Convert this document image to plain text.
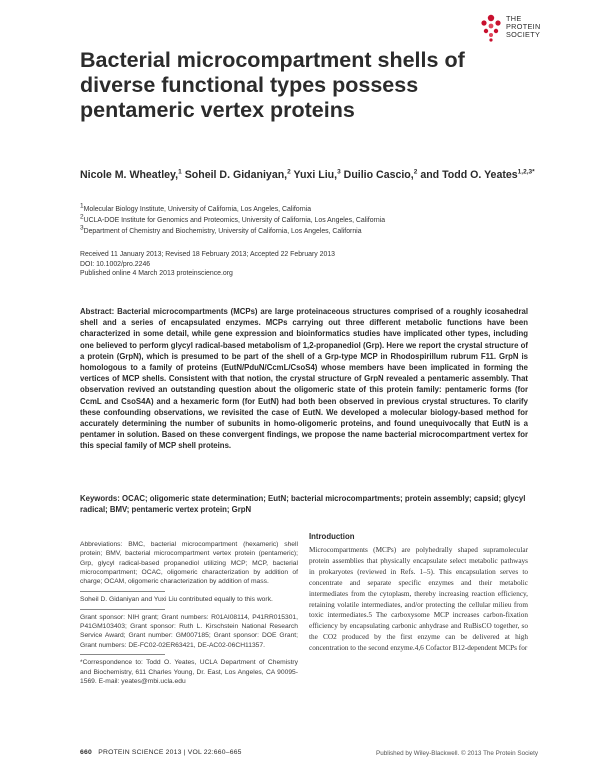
THE
PROTEIN
SOCIETY
Bacterial microcompartment shells of diverse functional types possess pentameric vertex proteins
Nicole M. Wheatley,$^1$ Soheil D. Gidaniyan,$^2$ Yuxi Liu,$^3$ Duilio Cascio,$^2$ and Todd O. Yeates$^{1,2,3*}$
$^1$Molecular Biology Institute, University of California, Los Angeles, California
$^2$UCLA-DOE Institute for Genomics and Proteomics, University of California, Los Angeles, California
$^3$Department of Chemistry and Biochemistry, University of California, Los Angeles, California
Received 11 January 2013; Revised 18 February 2013; Accepted 22 February 2013
DOI: 10.1002/pro.2246
Published online 4 March 2013 proteinscience.org
Abstract: Bacterial microcompartments (MCPs) are large proteinaceous structures comprised of a roughly icosahedral shell and a series of encapsulated enzymes. MCPs carrying out three different metabolic functions have been characterized in some detail, while gene expression and bioinformatics studies have implicated other types, including one believed to perform glycyl radical-based metabolism of 1,2-propanediol (Grp). Here we report the crystal structure of a protein (GrpN), which is presumed to be part of the shell of a Grp-type MCP in Rhodospirillum rubrum F11. GrpN is homologous to a family of proteins (EutN/PduN/CcmL/CsoS4) whose members have been implicated in forming the vertices of MCP shells. Consistent with that notion, the crystal structure of GrpN revealed a pentameric assembly. That observation revived an outstanding question about the oligomeric state of this protein family: pentameric forms (for CcmL and CsoS4A) and a hexameric form (for EutN) had both been observed in previous crystal structures. To clarify these confounding observations, we revisited the case of EutN. We developed a molecular biology-based method for accurately determining the number of subunits in homo-oligomeric proteins, and found unequivocally that EutN is a pentamer in solution. Based on these convergent findings, we propose the name bacterial microcompartment vertex for this special family of MCP shell proteins.
Keywords: OCAC; oligomeric state determination; EutN; bacterial microcompartments; protein assembly; capsid; glycyl radical; BMV; pentameric vertex protein; GrpN

Abbreviations: BMC, bacterial microcompartment (hexameric) shell protein; BMV, bacterial microcompartment vertex protein (pentameric); Grp, glycyl radical-based propanediol utilizing MCP; MCP, bacterial microcompartment; OCAC, oligomeric characterization by addition of charge; OCAM, oligomeric characterization by addition of mass.

Soheil D. Gidaniyan and Yuxi Liu contributed equally to this work.

Grant sponsor: NIH grant; Grant numbers: R01AI08114, P41RR015301, P41GM103403; Grant sponsor: Ruth L. Kirschstein National Research Service Award; Grant number: GM007185; Grant sponsor: DOE Grant; Grant numbers: DE-FC02-02ER63421, DE-AC02-06CH11357.

*Correspondence to: Todd O. Yeates, UCLA Department of Chemistry and Biochemistry, 611 Charles Young, Dr. East, Los Angeles, CA 90095-1569. E-mail: yeates@mbi.ucla.edu

Introduction
Microcompartments (MCPs) are polyhedrally shaped supramolecular protein assemblies that physically encapsulate select metabolic pathways in prokaryotes (reviewed in Refs. 1–5). This encapsulation serves to concentrate and separate specific enzymes and their metabolic intermediates from the cytoplasm, thereby increasing reaction efficiency, retaining volatile intermediates, and/or protecting the cellular milieu from toxic intermediates.5 The carboxysome MCP increases carbon-fixation efficiency by encapsulating carbonic anhydrase and RuBisCO together, so the CO2 produced by the first enzyme can be delivered at high concentration to the second enzyme.4,6 Cofactor B12-dependent MCPs for
660 PROTEIN SCIENCE 2013 | VOL 22:660–665	Published by Wiley-Blackwell. © 2013 The Protein Society
